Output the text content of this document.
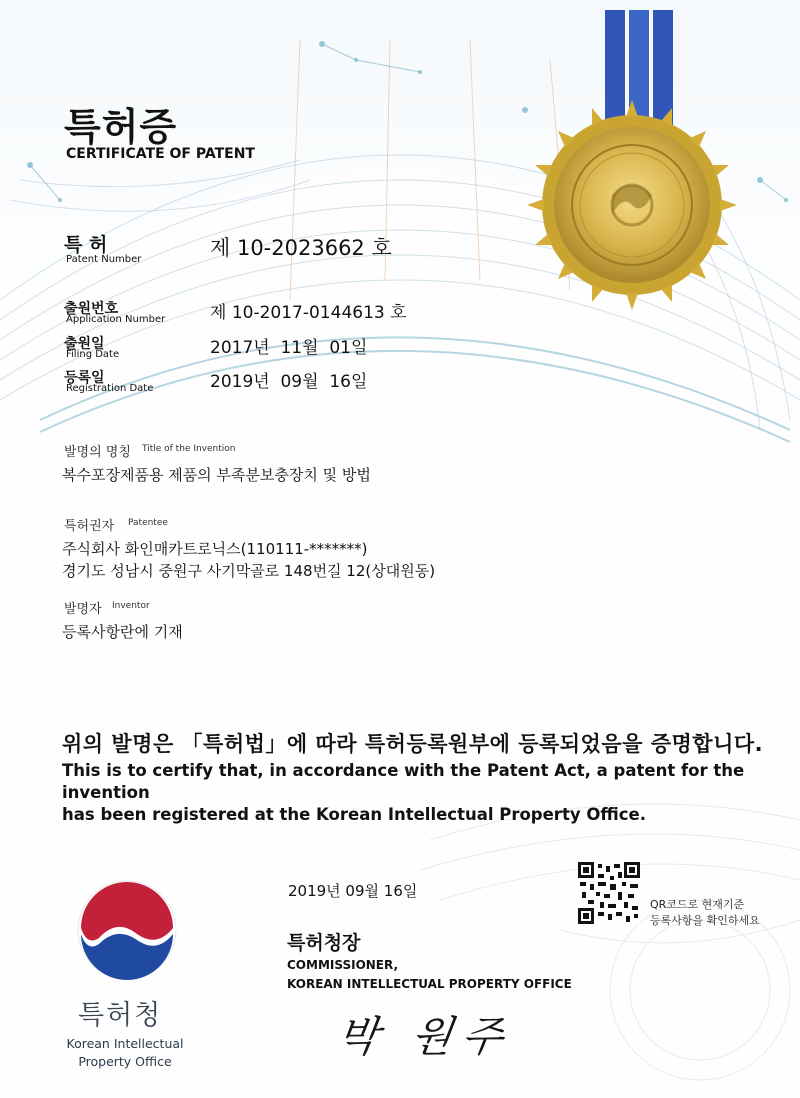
특허증
CERTIFICATE OF PATENT
특 허
Patent Number	제 10-2023662 호
출원번호
Application Number	제 10-2017-0144613 호
출원일
Filing Date	2017년  11월  01일
등록일
Registration Date	2019년  09월  16일
발명의 명칭 Title of the Invention
복수포장제품용 제품의 부족분보충장치 및 방법
특허권자 Patentee
주식회사 화인매카트로닉스(110111-*******)
경기도 성남시 중원구 사기막골로 148번길 12(상대원동)
발명자 Inventor
등록사항란에 기재
위의 발명은 「특허법」에 따라 특허등록원부에 등록되었음을 증명합니다.
This is to certify that, in accordance with the Patent Act, a patent for the invention
has been registered at the Korean Intellectual Property Office.
2019년 09월 16일
QR코드로 현재기준
등록사항을 확인하세요
특허청장
COMMISSIONER,
KOREAN INTELLECTUAL PROPERTY OFFICE
박 원주
특허청
Korean Intellectual
Property Office
